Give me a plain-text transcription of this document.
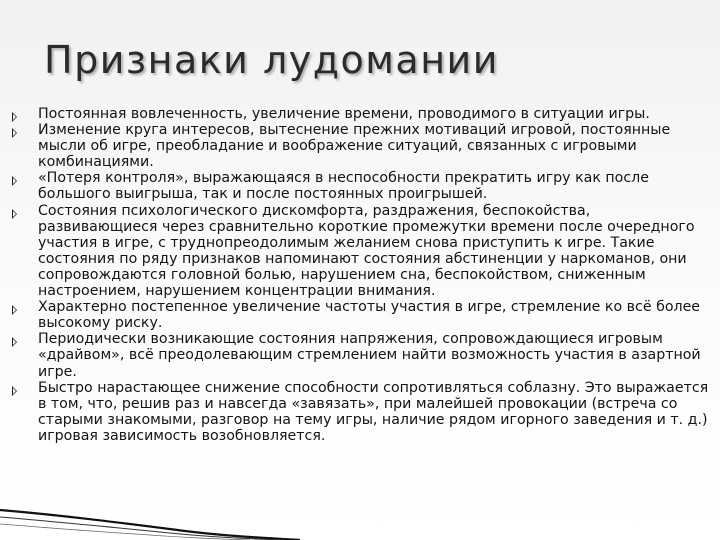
Признаки лудомании
Постоянная вовлеченность, увеличение времени, проводимого в ситуации игры.
Изменение круга интересов, вытеснение прежних мотиваций игровой, постоянные мысли об игре, преобладание и воображение ситуаций, связанных с игровыми комбинациями.
«Потеря контроля», выражающаяся в неспособности прекратить игру как после большого выигрыша, так и после постоянных проигрышей.
Состояния психологического дискомфорта, раздражения, беспокойства, развивающиеся через сравнительно короткие промежутки времени после очередного участия в игре, с труднопреодолимым желанием снова приступить к игре. Такие состояния по ряду признаков напоминают состояния абстиненции у наркоманов, они сопровождаются головной болью, нарушением сна, беспокойством, сниженным настроением, нарушением концентрации внимания.
Характерно постепенное увеличение частоты участия в игре, стремление ко всё более высокому риску.
Периодически возникающие состояния напряжения, сопровождающиеся игровым «драйвом», всё преодолевающим стремлением найти возможность участия в азартной игре.
Быстро нарастающее снижение способности сопротивляться соблазну. Это выражается в том, что, решив раз и навсегда «завязать», при малейшей провокации (встреча со старыми знакомыми, разговор на тему игры, наличие рядом игорного заведения и т. д.) игровая зависимость возобновляется.
